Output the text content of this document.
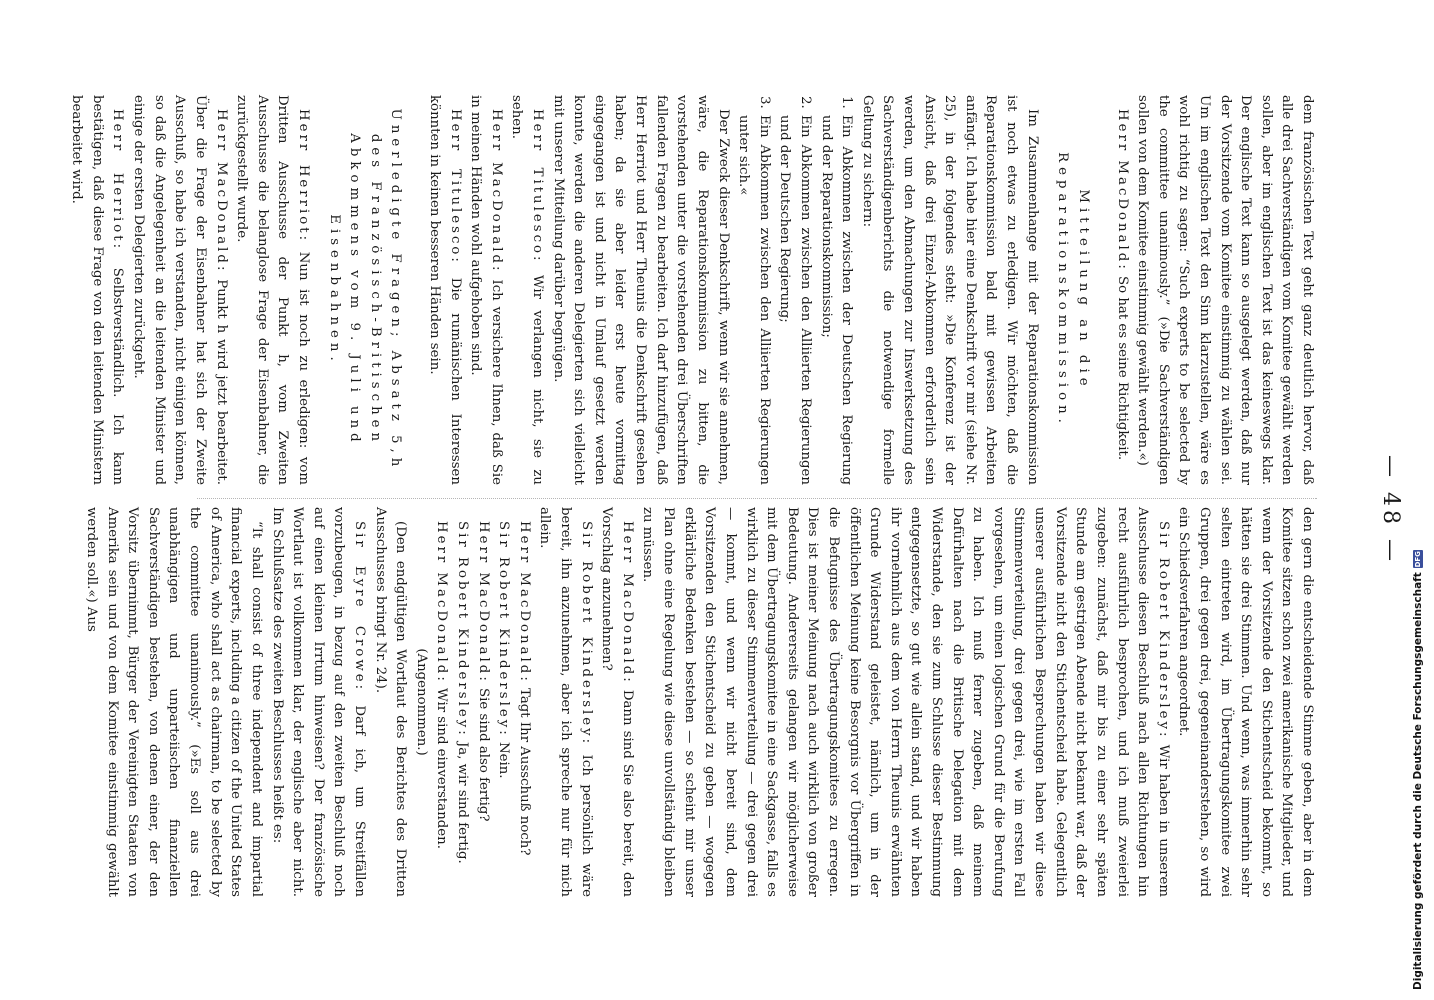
— 48 —

dem französischen Text geht ganz deutlich hervor, daß alle drei Sachverständigen vom Komitee gewählt werden sollen, aber im englischen Text ist das keineswegs klar. Der englische Text kann so ausgelegt werden, daß nur der Vorsitzende vom Komitee einstimmig zu wählen sei. Um im englischen Text den Sinn klarzustellen, wäre es wohl richtig zu sagen: “Such experts to be selected by the committee unanimously.” (»Die Sachverständigen sollen von dem Komitee einstimmig gewählt werden.«)

Herr MacDonald: So hat es seine Richtigkeit.

Mitteilung an die Reparationskommission.

Im Zusammenhange mit der Reparationskommission ist noch etwas zu erledigen. Wir möchten, daß die Reparationskommission bald mit gewissen Arbeiten anfängt. Ich habe hier eine Denkschrift vor mir (siehe Nr. 25), in der folgendes steht: »Die Konferenz ist der Ansicht, daß drei Einzel-Abkommen erforderlich sein werden, um den Abmachungen zur Inswerksetzung des Sachverständigenberichts die notwendige formelle Geltung zu sichern:

1. Ein Abkommen zwischen der Deutschen Regierung und der Reparationskommission;
2. Ein Abkommen zwischen den Alliierten Regierungen und der Deutschen Regierung;
3. Ein Abkommen zwischen den Alliierten Regierungen unter sich.«

Der Zweck dieser Denkschrift, wenn wir sie annehmen, wäre, die Reparationskommission zu bitten, die vorstehenden unter die vorstehenden drei Überschriften fallenden Fragen zu bearbeiten. Ich darf hinzufügen, daß Herr Herriot und Herr Theunis die Denkschrift gesehen haben; da sie aber leider erst heute vormittag eingegangen ist und nicht in Umlauf gesetzt werden konnte, werden die anderen Delegierten sich vielleicht mit unserer Mitteilung darüber begnügen.

Herr Titulesco: Wir verlangen nicht, sie zu sehen.

Herr MacDonald: Ich versichere Ihnen, daß Sie in meinen Händen wohl aufgehoben sind.

Herr Titulesco: Die rumänischen Interessen könnten in keinen besseren Händen sein.

Unerledigte Fragen; Absatz 5,h des Französisch-Britischen Abkommens vom 9. Juli und Eisenbahnen.

Herr Herriot: Nun ist noch zu erledigen: vom Dritten Ausschusse der Punkt h, vom Zweiten Ausschusse die belanglose Frage der Eisenbahner, die zurückgestellt wurde.

Herr MacDonald: Punkt h wird jetzt bearbeitet. Über die Frage der Eisenbahner hat sich der Zweite Ausschuß, so habe ich verstanden, nicht einigen können, so daß die Angelegenheit an die leitenden Minister und einige der ersten Delegierten zurückgeht.

Herr Herriot: Selbstverständlich. Ich kann bestätigen, daß diese Frage von den leitenden Ministern bearbeitet wird.

den gern die entscheidende Stimme geben, aber in dem Komitee sitzen schon zwei amerikanische Mitglieder, und wenn der Vorsitzende den Stichentscheid bekommt, so hätten sie drei Stimmen. Und wenn, was immerhin sehr selten eintreten wird, im Übertragungskomitee zwei Gruppen, drei gegen drei, gegeneinanderstehen, so wird ein Schiedsverfahren angeordnet.

Sir Robert Kindersley: Wir haben in unserem Ausschusse diesen Beschluß nach allen Richtungen hin recht ausführlich besprochen, und ich muß zweierlei zugeben: zunächst, daß mir bis zu einer sehr späten Stunde am gestrigen Abende nicht bekannt war, daß der Vorsitzende nicht den Stichentscheid habe. Gelegentlich unserer ausführlichen Besprechungen haben wir diese Stimmenverteilung, drei gegen drei, wie im ersten Fall vorgesehen, um einen logischen Grund für die Berufung zu haben. Ich muß ferner zugeben, daß meinem Dafürhalten nach die Britische Delegation mit dem Widerstande, den sie zum Schlusse dieser Bestimmung entgegensetzte, so gut wie allein stand, und wir haben ihr vornehmlich aus dem von Herrn Theunis erwähnten Grunde Widerstand geleistet, nämlich, um in der öffentlichen Meinung keine Besorgnis vor Übergriffen in die Befugnisse des Übertragungskomitees zu erregen. Dies ist meiner Meinung nach auch wirklich von großer Bedeutung. Andererseits gelangen wir möglicherweise mit dem Übertragungskomitee in eine Sackgasse, falls es wirklich zu dieser Stimmenverteilung — drei gegen drei — kommt, und wenn wir nicht bereit sind, dem Vorsitzenden den Stichentscheid zu geben — wogegen erklärliche Bedenken bestehen — so scheint mir unser Plan ohne eine Regelung wie diese unvollständig bleiben zu müssen.

Herr MacDonald: Dann sind Sie also bereit, den Vorschlag anzunehmen?

Sir Robert Kindersley: Ich persönlich wäre bereit, ihn anzunehmen, aber ich spreche nur für mich allein.

Herr MacDonald: Tagt Ihr Ausschuß noch?

Sir Robert Kindersley: Nein.

Herr MacDonald: Sie sind also fertig?

Sir Robert Kindersley: Ja, wir sind fertig.

Herr MacDonald: Wir sind einverstanden.

(Angenommen.)

(Den endgültigen Wortlaut des Berichtes des Dritten Ausschusses bringt Nr. 24).

Sir Eyre Crowe: Darf ich, um Streitfällen vorzubeugen, in bezug auf den zweiten Beschluß noch auf einen kleinen Irrtum hinweisen? Der französische Wortlaut ist vollkommen klar, der englische aber nicht. Im Schlußsatze des zweiten Beschlusses heißt es:

“It shall consist of three independent and impartial financial experts, including a citizen of the United States of America, who shall act as chairman, to be selected by the committee unanimously.” (»Es soll aus drei unabhängigen und unparteiischen finanziellen Sachverständigen bestehen, von denen einer, der den Vorsitz übernimmt, Bürger der Vereinigten Staaten von Amerika sein und von dem Komitee einstimmig gewählt werden soll.«) Aus

Digitalisierung gefördert durch die Deutsche Forschungsgemeinschaft
DFG
